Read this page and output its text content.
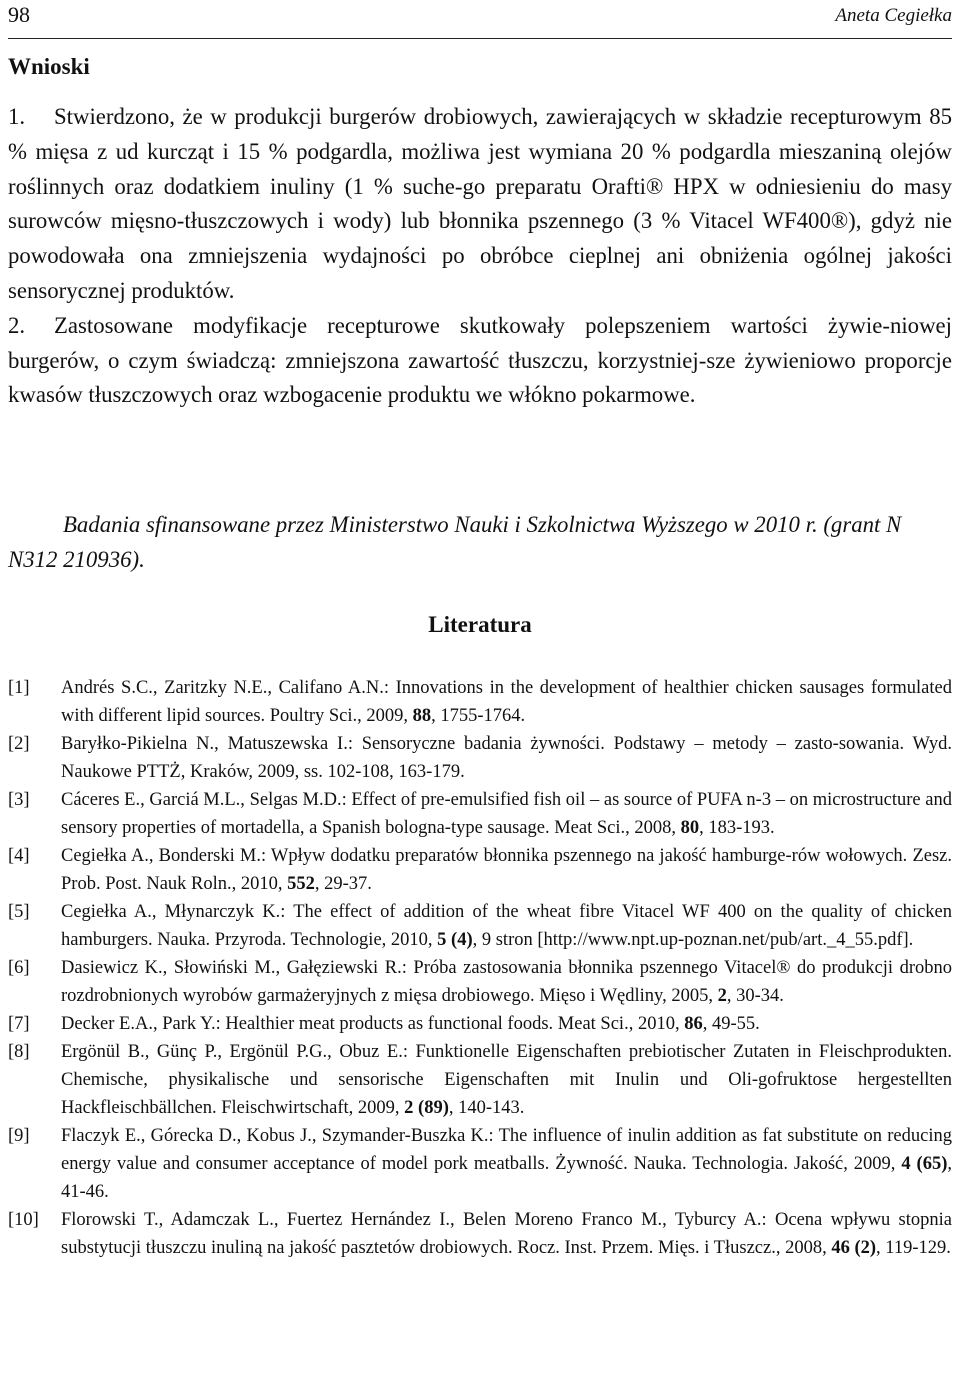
98	Aneta Cegiełka
Wnioski
1. Stwierdzono, że w produkcji burgerów drobiowych, zawierających w składzie recepturowym 85 % mięsa z ud kurcząt i 15 % podgardla, możliwa jest wymiana 20 % podgardla mieszaniną olejów roślinnych oraz dodatkiem inuliny (1 % suche-go preparatu Orafti® HPX w odniesieniu do masy surowców mięsno-tłuszczowych i wody) lub błonnika pszennego (3 % Vitacel WF400®), gdyż nie powodowała ona zmniejszenia wydajności po obróbce cieplnej ani obniżenia ogólnej jakości sensorycznej produktów.
2. Zastosowane modyfikacje recepturowe skutkowały polepszeniem wartości żywie-niowej burgerów, o czym świadczą: zmniejszona zawartość tłuszczu, korzystniej-sze żywieniowo proporcje kwasów tłuszczowych oraz wzbogacenie produktu we włókno pokarmowe.

Badania sfinansowane przez Ministerstwo Nauki i Szkolnictwa Wyższego w 2010 r. (grant N N312 210936).

Literatura
[1] Andrés S.C., Zaritzky N.E., Califano A.N.: Innovations in the development of healthier chicken sausages formulated with different lipid sources. Poultry Sci., 2009, 88, 1755-1764.
[2] Baryłko-Pikielna N., Matuszewska I.: Sensoryczne badania żywności. Podstawy – metody – zasto-sowania. Wyd. Naukowe PTTŻ, Kraków, 2009, ss. 102-108, 163-179.
[3] Cáceres E., Garciá M.L., Selgas M.D.: Effect of pre-emulsified fish oil – as source of PUFA n-3 – on microstructure and sensory properties of mortadella, a Spanish bologna-type sausage. Meat Sci., 2008, 80, 183-193.
[4] Cegiełka A., Bonderski M.: Wpływ dodatku preparatów błonnika pszennego na jakość hamburge-rów wołowych. Zesz. Prob. Post. Nauk Roln., 2010, 552, 29-37.
[5] Cegiełka A., Młynarczyk K.: The effect of addition of the wheat fibre Vitacel WF 400 on the quality of chicken hamburgers. Nauka. Przyroda. Technologie, 2010, 5 (4), 9 stron [http://www.npt.up-poznan.net/pub/art._4_55.pdf].
[6] Dasiewicz K., Słowiński M., Gałęziewski R.: Próba zastosowania błonnika pszennego Vitacel® do produkcji drobno rozdrobnionych wyrobów garmażeryjnych z mięsa drobiowego. Mięso i Wędliny, 2005, 2, 30-34.
[7] Decker E.A., Park Y.: Healthier meat products as functional foods. Meat Sci., 2010, 86, 49-55.
[8] Ergönül B., Günç P., Ergönül P.G., Obuz E.: Funktionelle Eigenschaften prebiotischer Zutaten in Fleischprodukten. Chemische, physikalische und sensorische Eigenschaften mit Inulin und Oli-gofruktose hergestellten Hackfleischbällchen. Fleischwirtschaft, 2009, 2 (89), 140-143.
[9] Flaczyk E., Górecka D., Kobus J., Szymander-Buszka K.: The influence of inulin addition as fat substitute on reducing energy value and consumer acceptance of model pork meatballs. Żywność. Nauka. Technologia. Jakość, 2009, 4 (65), 41-46.
[10] Florowski T., Adamczak L., Fuertez Hernández I., Belen Moreno Franco M., Tyburcy A.: Ocena wpływu stopnia substytucji tłuszczu inuliną na jakość pasztetów drobiowych. Rocz. Inst. Przem. Mięs. i Tłuszcz., 2008, 46 (2), 119-129.
